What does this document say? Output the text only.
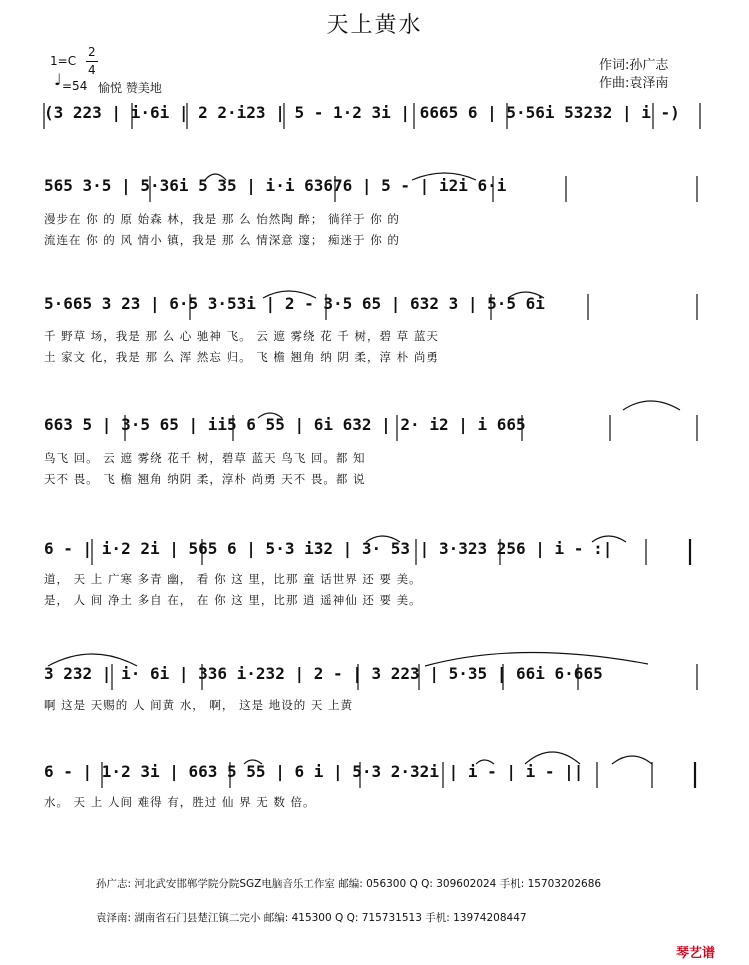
天上黄水
1=C
2
4
♩ =54 愉悦 赞美地
作词:孙广志
作曲:袁泽南
(3 223 | i·6i | 2 2·i23 | 5 - 1·2 3i | 6665 6 | 5·56i 53232 | i -)
565 3·5 | 5·36i 5 35 | i·i 63676 | 5 - | i2i 6·i
漫步在 你 的 原 始森 林，我是 那 么 怡然陶 醉； 徜徉于 你 的
流连在 你 的 风 情小 镇，我是 那 么 情深意 邃； 痴迷于 你 的
5·665 3 23 | 6·5 3·53i | 2 - 3·5 65 | 632 3 | 5·5 6i
千 野草 场，我是 那 么 心 驰神 飞。 云 遮 雾绕 花 千 树，碧 草 蓝天
土 家文 化，我是 那 么 浑 然忘 归。 飞 檐 翘角 纳 阴 柔，淳 朴 尚勇
663 5 | 3·5 65 | ii5 6 55 | 6i 632 | 2· i2 | i 665
鸟飞 回。 云 遮 雾绕 花千 树，碧草 蓝天 鸟飞 回。都 知
天不 畏。 飞 檐 翘角 纳阴 柔，淳朴 尚勇 天不 畏。都 说
6 - | i·2 2i | 565 6 | 5·3 i32 | 3· 53 | 3·323 256 | i - :|
道， 天 上 广寒 多青 幽， 看 你 这 里，比那 童 话世界 还 要 美。
是， 人 间 净土 多自 在， 在 你 这 里，比那 逍 遥神仙 还 要 美。
3 232 | i· 6i | 336 i·232 | 2 - | 3 223 | 5·35 | 66i 6·665
啊 这是 天赐的 人 间黄 水， 啊， 这是 地设的 天 上黄
6 - | 1·2 3i | 663 5 55 | 6 i | 5·3 2·32i | i - | i - ||
水。 天 上 人间 难得 有，胜过 仙 界 无 数 倍。
孙广志: 河北武安邯郸学院分院SGZ电脑音乐工作室 邮编: 056300 Q Q: 309602024 手机: 15703202686
袁泽南: 湖南省石门县楚江镇二完小 邮编: 415300 Q Q: 715731513 手机: 13974208447
琴艺谱
